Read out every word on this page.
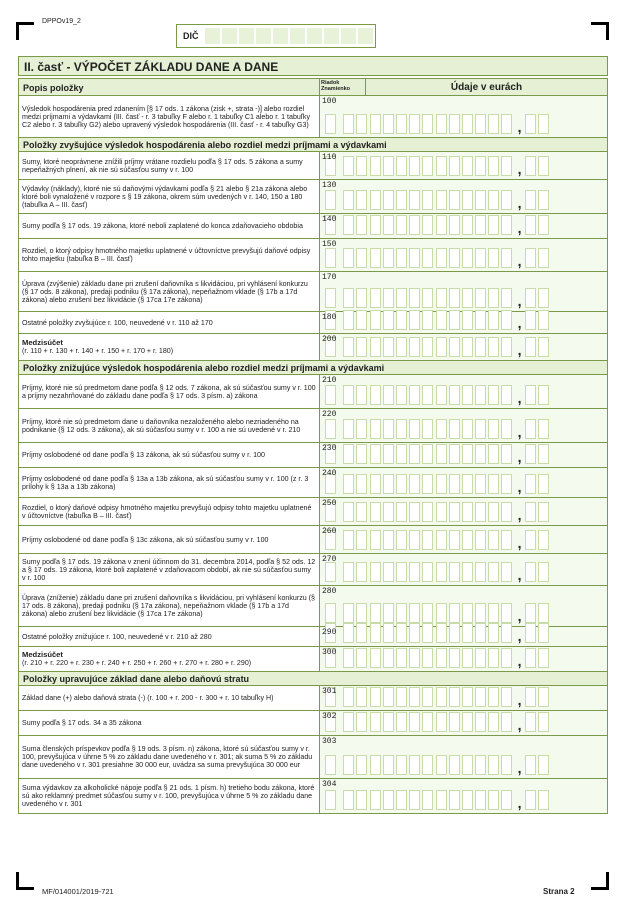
DPPOv19_2
DIČ
II. časť - VÝPOČET ZÁKLADU DANE A DANE
Popis položky	Riadok
Znamienko	Údaje v eurách
Výsledok hospodárenia pred zdanením [§ 17 ods. 1 zákona (zisk +, strata -)] alebo rozdiel medzi príjmami a výdavkami (III. časť - r. 3 tabuľky F alebo r. 1 tabuľky C1 alebo r. 1 tabuľky C2 alebo r. 3 tabuľky G2) alebo upravený výsledok hospodárenia (III. časť - r. 4 tabuľky G3)
100
,
Položky zvyšujúce výsledok hospodárenia alebo rozdiel medzi príjmami a výdavkami
Sumy, ktoré neoprávnene znížili príjmy vrátane rozdielu podľa § 17 ods. 5 zákona a sumy nepeňažných plnení, ak nie sú súčasťou sumy v r. 100
110
,
Výdavky (náklady), ktoré nie sú daňovými výdavkami podľa § 21 alebo § 21a zákona alebo ktoré boli vynaložené v rozpore s § 19 zákona, okrem súm uvedených v r. 140, 150 a 180 (tabuľka A – III. časť)
130
,
Sumy podľa § 17 ods. 19 zákona, ktoré neboli zaplatené do konca zdaňovacieho obdobia
140
,
Rozdiel, o ktorý odpisy hmotného majetku uplatnené v účtovníctve prevyšujú daňové odpisy tohto majetku (tabuľka B – III. časť)
150
,
Úprava (zvýšenie) základu dane pri zrušení daňovníka s likvidáciou, pri vyhlásení konkurzu (§ 17 ods. 8 zákona), predaji podniku (§ 17a zákona), nepeňažnom vklade (§ 17b a 17d zákona) alebo zrušení bez likvidácie (§ 17ca 17e zákona)
170
,
Ostatné položky zvyšujúce r. 100, neuvedené v r. 110 až 170
180	,
Medzisúčet
(r. 110 + r. 130 + r. 140 + r. 150 + r. 170 + r. 180)
200
,
Položky znižujúce výsledok hospodárenia alebo rozdiel medzi príjmami a výdavkami
Príjmy, ktoré nie sú predmetom dane podľa § 12 ods. 7 zákona, ak sú súčasťou sumy v r. 100 a príjmy nezahrňované do základu dane podľa § 17 ods. 3 písm. a) zákona
210
,
Príjmy, ktoré nie sú predmetom dane u daňovníka nezaloženého alebo nezriadeného na podnikanie (§ 12 ods. 3 zákona), ak sú súčasťou sumy v r. 100 a nie sú uvedené v r. 210
220
,
Príjmy oslobodené od dane podľa § 13 zákona, ak sú súčasťou sumy v r. 100
230
,
Príjmy oslobodené od dane podľa § 13a a 13b zákona, ak sú súčasťou sumy v r. 100 (z r. 3 prílohy k § 13a a 13b zákona)
240
,
Rozdiel, o ktorý daňové odpisy hmotného majetku prevyšujú odpisy tohto majetku uplatnené v účtovníctve (tabuľka B – III. časť)
250
,
Príjmy oslobodené od dane podľa § 13c zákona, ak sú súčasťou sumy v r. 100
260
,
Sumy podľa § 17 ods. 19 zákona v znení účinnom do 31. decembra 2014, podľa § 52 ods. 12 a § 17 ods. 19 zákona, ktoré boli zaplatené v zdaňovacom období, ak nie sú súčasťou sumy v r. 100
270
,
Úprava (zníženie) základu dane pri zrušení daňovníka s likvidáciou, pri vyhlásení konkurzu (§ 17 ods. 8 zákona), predaji podniku (§ 17a zákona), nepeňažnom vklade (§ 17b a 17d zákona) alebo zrušení bez likvidácie (§ 17ca 17e zákona)
280
,
Ostatné položky znižujúce r. 100, neuvedené v r. 210 až 280	290	,
Medzisúčet
(r. 210 + r. 220 + r. 230 + r. 240 + r. 250 + r. 260 + r. 270 + r. 280 + r. 290)
300
,
Položky upravujúce základ dane alebo daňovú stratu
Základ dane (+) alebo daňová strata (-) (r. 100 + r. 200 - r. 300 + r. 10 tabuľky H)
301
,
Sumy podľa § 17 ods. 34 a 35 zákona
302
,
Suma členských príspevkov podľa § 19 ods. 3 písm. n) zákona, ktoré sú súčasťou sumy v r. 100, prevyšujúca v úhrne 5 % zo základu dane uvedeného v r. 301; ak suma 5 % zo základu dane uvedeného v r. 301 presiahne 30 000 eur, uvádza sa suma prevyšujúca 30 000 eur
303
,
Suma výdavkov za alkoholické nápoje podľa § 21 ods. 1 písm. h) tretieho bodu zákona, ktoré sú ako reklamný predmet súčasťou sumy v r. 100, prevyšujúca v úhrne 5 % zo základu dane uvedeného v r. 301
304
,
MF/014001/2019-721	Strana 2
